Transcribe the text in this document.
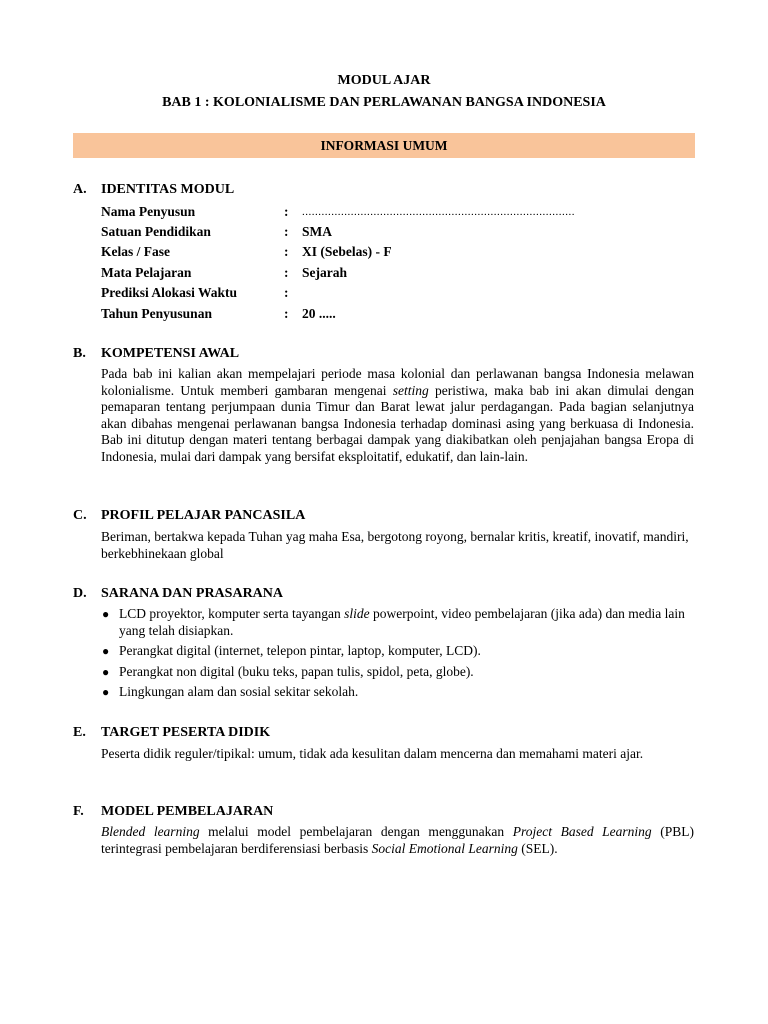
MODUL AJAR
BAB 1 : KOLONIALISME DAN PERLAWANAN BANGSA INDONESIA
INFORMASI UMUM
A. IDENTITAS MODUL
Nama Penyusun	: ....................................................................................
Satuan Pendidikan	: SMA
Kelas / Fase	: XI (Sebelas) - F
Mata Pelajaran	: Sejarah
Prediksi Alokasi Waktu	:
Tahun Penyusunan	: 20 .....
B. KOMPETENSI AWAL
Pada bab ini kalian akan mempelajari periode masa kolonial dan perlawanan bangsa Indonesia melawan kolonialisme. Untuk memberi gambaran mengenai setting peristiwa, maka bab ini akan dimulai dengan pemaparan tentang perjumpaan dunia Timur dan Barat lewat jalur perdagangan. Pada bagian selanjutnya akan dibahas mengenai perlawanan bangsa Indonesia terhadap dominasi asing yang berkuasa di Indonesia. Bab ini ditutup dengan materi tentang berbagai dampak yang diakibatkan oleh penjajahan bangsa Eropa di Indonesia, mulai dari dampak yang bersifat eksploitatif, edukatif, dan lain-lain.
C. PROFIL PELAJAR PANCASILA
Beriman, bertakwa kepada Tuhan yag maha Esa, bergotong royong, bernalar kritis, kreatif, inovatif, mandiri, berkebhinekaan global
D. SARANA DAN PRASARANA
● LCD proyektor, komputer serta tayangan slide powerpoint, video pembelajaran (jika ada) dan media lain yang telah disiapkan.
● Perangkat digital (internet, telepon pintar, laptop, komputer, LCD).
● Perangkat non digital (buku teks, papan tulis, spidol, peta, globe).
● Lingkungan alam dan sosial sekitar sekolah.
E. TARGET PESERTA DIDIK
Peserta didik reguler/tipikal: umum, tidak ada kesulitan dalam mencerna dan memahami materi ajar.
F. MODEL PEMBELAJARAN
Blended learning melalui model pembelajaran dengan menggunakan Project Based Learning (PBL) terintegrasi pembelajaran berdiferensiasi berbasis Social Emotional Learning (SEL).
